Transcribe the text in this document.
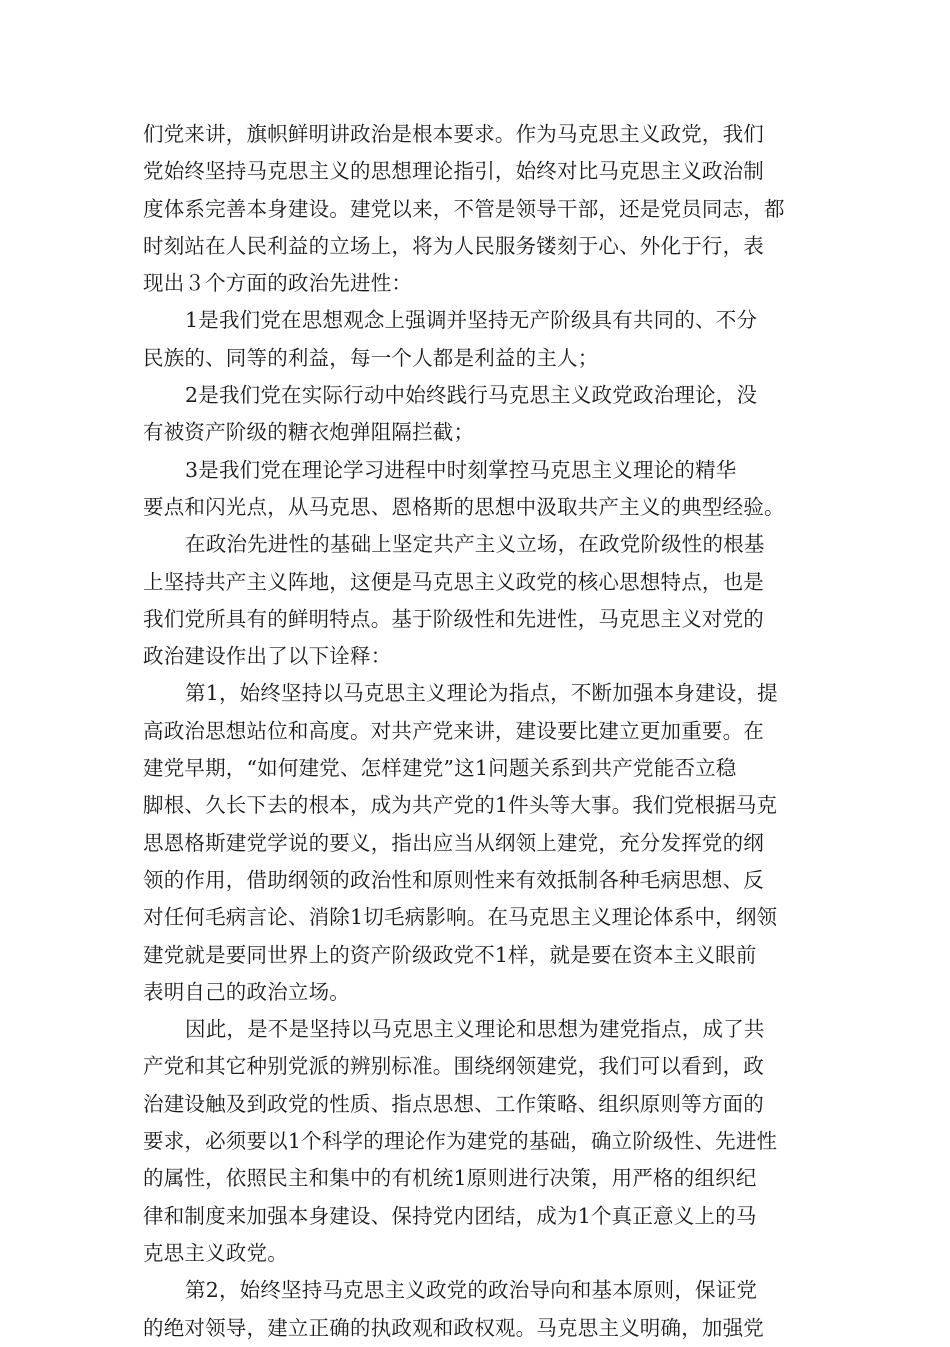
们党来讲，旗帜鲜明讲政治是根本要求。作为马克思主义政党，我们
党始终坚持马克思主义的思想理论指引，始终对比马克思主义政治制
度体系完善本身建设。建党以来，不管是领导干部，还是党员同志，都
时刻站在人民利益的立场上，将为人民服务镂刻于心、外化于行，表
现出３个方面的政治先进性：
1是我们党在思想观念上强调并坚持无产阶级具有共同的、不分
民族的、同等的利益，每一个人都是利益的主人；
2是我们党在实际行动中始终践行马克思主义政党政治理论，没
有被资产阶级的糖衣炮弹阻隔拦截；
3是我们党在理论学习进程中时刻掌控马克思主义理论的精华
要点和闪光点，从马克思、恩格斯的思想中汲取共产主义的典型经验。
在政治先进性的基础上坚定共产主义立场，在政党阶级性的根基
上坚持共产主义阵地，这便是马克思主义政党的核心思想特点，也是
我们党所具有的鲜明特点。基于阶级性和先进性，马克思主义对党的
政治建设作出了以下诠释：
第1，始终坚持以马克思主义理论为指点，不断加强本身建设，提
高政治思想站位和高度。对共产党来讲，建设要比建立更加重要。在
建党早期，“如何建党、怎样建党”这1问题关系到共产党能否立稳
脚根、久长下去的根本，成为共产党的1件头等大事。我们党根据马克
思恩格斯建党学说的要义，指出应当从纲领上建党，充分发挥党的纲
领的作用，借助纲领的政治性和原则性来有效抵制各种毛病思想、反
对任何毛病言论、消除1切毛病影响。在马克思主义理论体系中，纲领
建党就是要同世界上的资产阶级政党不1样，就是要在资本主义眼前
表明自己的政治立场。
因此，是不是坚持以马克思主义理论和思想为建党指点，成了共
产党和其它种别党派的辨别标准。围绕纲领建党，我们可以看到，政
治建设触及到政党的性质、指点思想、工作策略、组织原则等方面的
要求，必须要以1个科学的理论作为建党的基础，确立阶级性、先进性
的属性，依照民主和集中的有机统1原则进行决策，用严格的组织纪
律和制度来加强本身建设、保持党内团结，成为1个真正意义上的马
克思主义政党。
第2，始终坚持马克思主义政党的政治导向和基本原则，保证党
的绝对领导，建立正确的执政观和政权观。马克思主义明确，加强党
